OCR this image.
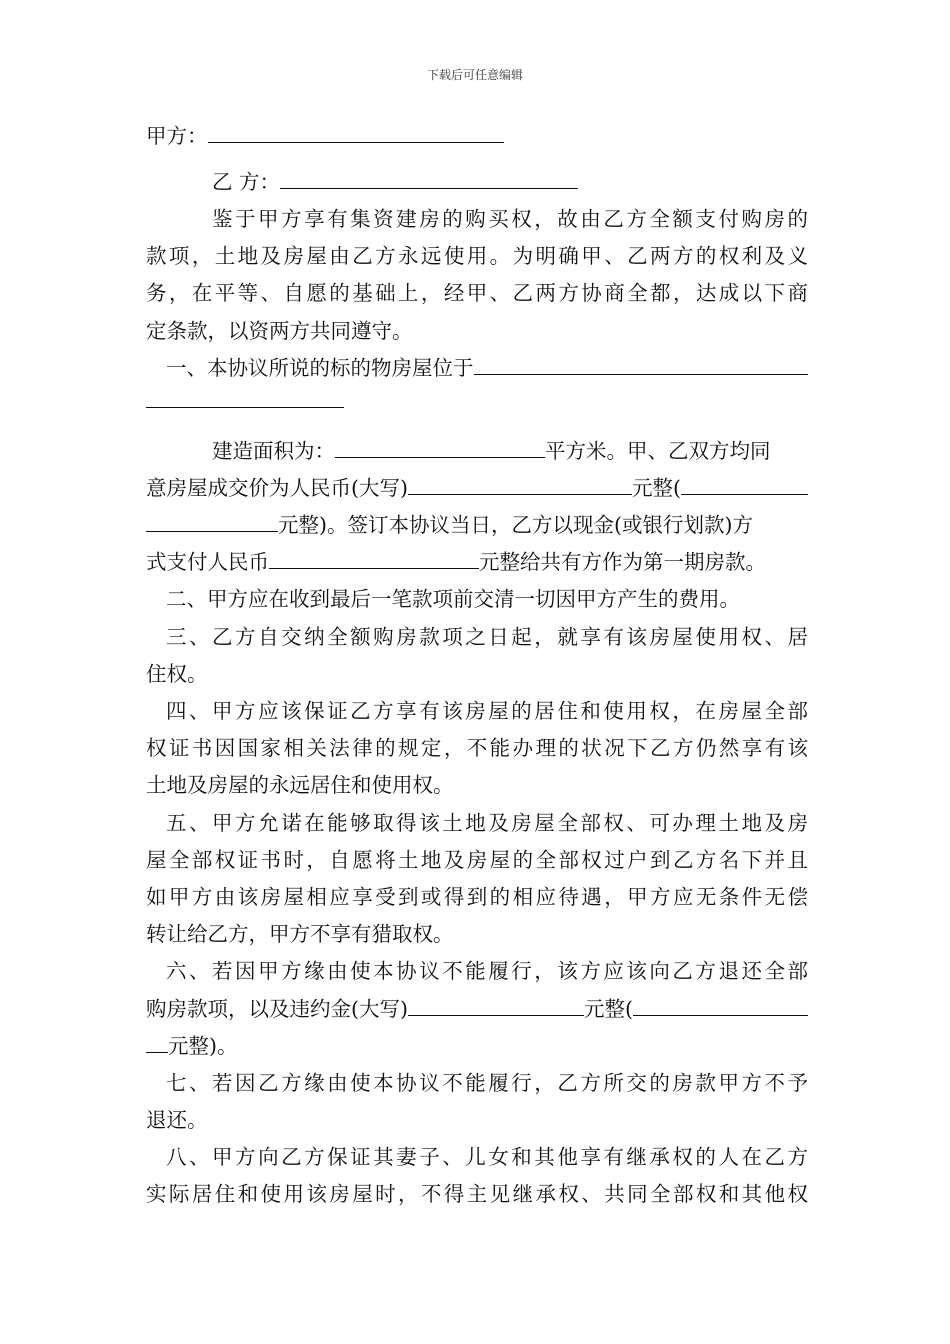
下载后可任意编辑
甲方：
乙 方：
鉴于甲方享有集资建房的购买权，故由乙方全额支付购房的
款项，土地及房屋由乙方永远使用。为明确甲、乙两方的权利及义
务，在平等、自愿的基础上，经甲、乙两方协商全都，达成以下商
定条款，以资两方共同遵守。
一、本协议所说的标的物房屋位于
建造面积为：	平方米。甲、乙双方均同
意房屋成交价为人民币(大写)	元整(
元整)。签订本协议当日，乙方以现金(或银行划款)方
式支付人民币	元整给共有方作为第一期房款。
二、甲方应在收到最后一笔款项前交清一切因甲方产生的费用。
三、乙方自交纳全额购房款项之日起，就享有该房屋使用权、居
住权。
四、甲方应该保证乙方享有该房屋的居住和使用权，在房屋全部
权证书因国家相关法律的规定，不能办理的状况下乙方仍然享有该
土地及房屋的永远居住和使用权。
五、甲方允诺在能够取得该土地及房屋全部权、可办理土地及房
屋全部权证书时，自愿将土地及房屋的全部权过户到乙方名下并且
如甲方由该房屋相应享受到或得到的相应待遇，甲方应无条件无偿
转让给乙方，甲方不享有猎取权。
六、若因甲方缘由使本协议不能履行，该方应该向乙方退还全部
购房款项，以及违约金(大写)	元整(
元整)。
七、若因乙方缘由使本协议不能履行，乙方所交的房款甲方不予
退还。
八、甲方向乙方保证其妻子、儿女和其他享有继承权的人在乙方
实际居住和使用该房屋时，不得主见继承权、共同全部权和其他权
